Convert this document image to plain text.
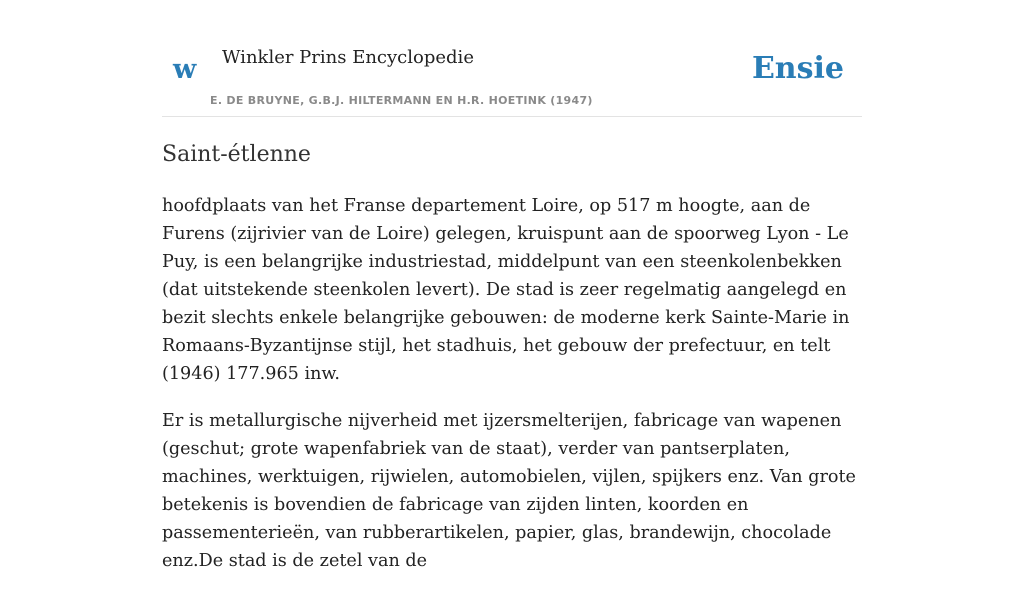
w Winkler Prins Encyclopedie
E. DE BRUYNE, G.B.J. HILTERMANN EN H.R. HOETINK (1947)
Ensie
Saint-étlenne

hoofdplaats van het Franse departement Loire, op 517 m hoogte, aan de Furens (zijrivier van de Loire) gelegen, kruispunt aan de spoorweg Lyon - Le Puy, is een belangrijke industriestad, middelpunt van een steenkolenbekken (dat uitstekende steenkolen levert). De stad is zeer regelmatig aangelegd en bezit slechts enkele belangrijke gebouwen: de moderne kerk Sainte-Marie in Romaans-Byzantijnse stijl, het stadhuis, het gebouw der prefectuur, en telt (1946) 177.965 inw.

Er is metallurgische nijverheid met ijzersmelterijen, fabricage van wapenen (geschut; grote wapenfabriek van de staat), verder van pantserplaten, machines, werktuigen, rijwielen, automobielen, vijlen, spijkers enz. Van grote betekenis is bovendien de fabricage van zijden linten, koorden en passementerieën, van rubberartikelen, papier, glas, brandewijn, chocolade enz.De stad is de zetel van de
